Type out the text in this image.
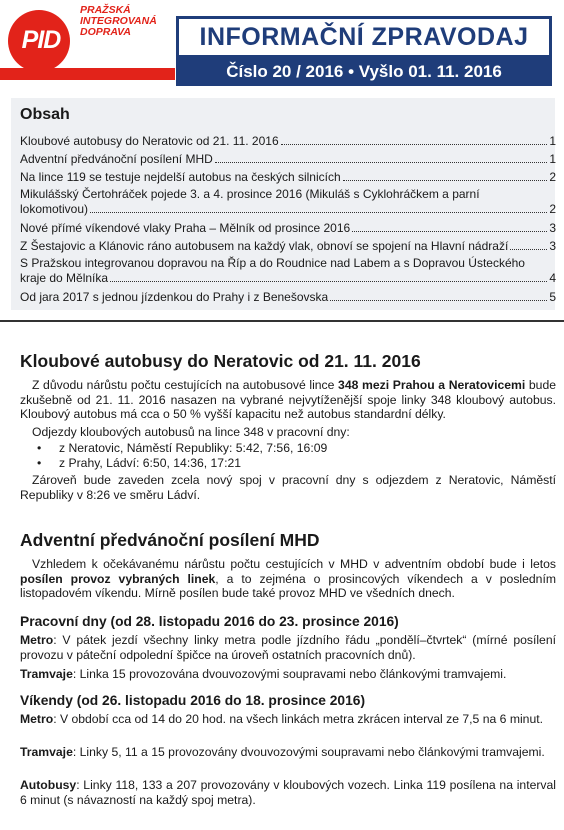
PID
PRAŽSKÁ
INTEGROVANÁ
DOPRAVA	INFORMAČNÍ ZPRAVODAJ
Číslo 20 / 2016 • Vyšlo 01. 11. 2016
Obsah
Kloubové autobusy do Neratovic od 21. 11. 2016	1
Adventní předvánoční posílení MHD	1
Na lince 119 se testuje nejdelší autobus na českých silnicích	2
Mikulášský Čertohráček pojede 3. a 4. prosince 2016 (Mikuláš s Cyklohráčkem a parní
lokomotivou)	2
Nové přímé víkendové vlaky Praha – Mělník od prosince 2016	3
Z Šestajovic a Klánovic ráno autobusem na každý vlak, obnoví se spojení na Hlavní nádraží	3
S Pražskou integrovanou dopravou na Říp a do Roudnice nad Labem a s Dopravou Ústeckého
kraje do Mělníka	4
Od jara 2017 s jednou jízdenkou do Prahy i z Benešovska	5
Kloubové autobusy do Neratovic od 21. 11. 2016

Z důvodu nárůstu počtu cestujících na autobusové lince 348 mezi Prahou a Neratovicemi bude zkušebně od 21. 11. 2016 nasazen na vybrané nejvytíženější spoje linky 348 kloubový autobus. Kloubový autobus má cca o 50 % vyšší kapacitu než autobus standardní délky.

Odjezdy kloubových autobusů na lince 348 v pracovní dny:

• z Neratovic, Náměstí Republiky: 5:42, 7:56, 16:09
• z Prahy, Ládví: 6:50, 14:36, 17:21

Zároveň bude zaveden zcela nový spoj v pracovní dny s odjezdem z Neratovic, Náměstí Republiky v 8:26 ve směru Ládví.

Adventní předvánoční posílení MHD

Vzhledem k očekávanému nárůstu počtu cestujících v MHD v adventním období bude i letos posílen provoz vybraných linek, a to zejména o prosincových víkendech a v posledním listopadovém víkendu. Mírně posílen bude také provoz MHD ve všedních dnech.

Pracovní dny (od 28. listopadu 2016 do 23. prosince 2016)

Metro: V pátek jezdí všechny linky metra podle jízdního řádu „pondělí–čtvrtek“ (mírné posílení provozu v páteční odpolední špičce na úroveň ostatních pracovních dnů).

Tramvaje: Linka 15 provozována dvouvozovými soupravami nebo článkovými tramvajemi.

Víkendy (od 26. listopadu 2016 do 18. prosince 2016)

Metro: V období cca od 14 do 20 hod. na všech linkách metra zkrácen interval ze 7,5 na 6 minut.

Tramvaje: Linky 5, 11 a 15 provozovány dvouvozovými soupravami nebo článkovými tramvajemi.

Autobusy: Linky 118, 133 a 207 provozovány v kloubových vozech. Linka 119 posílena na interval 6 minut (s návazností na každý spoj metra).
